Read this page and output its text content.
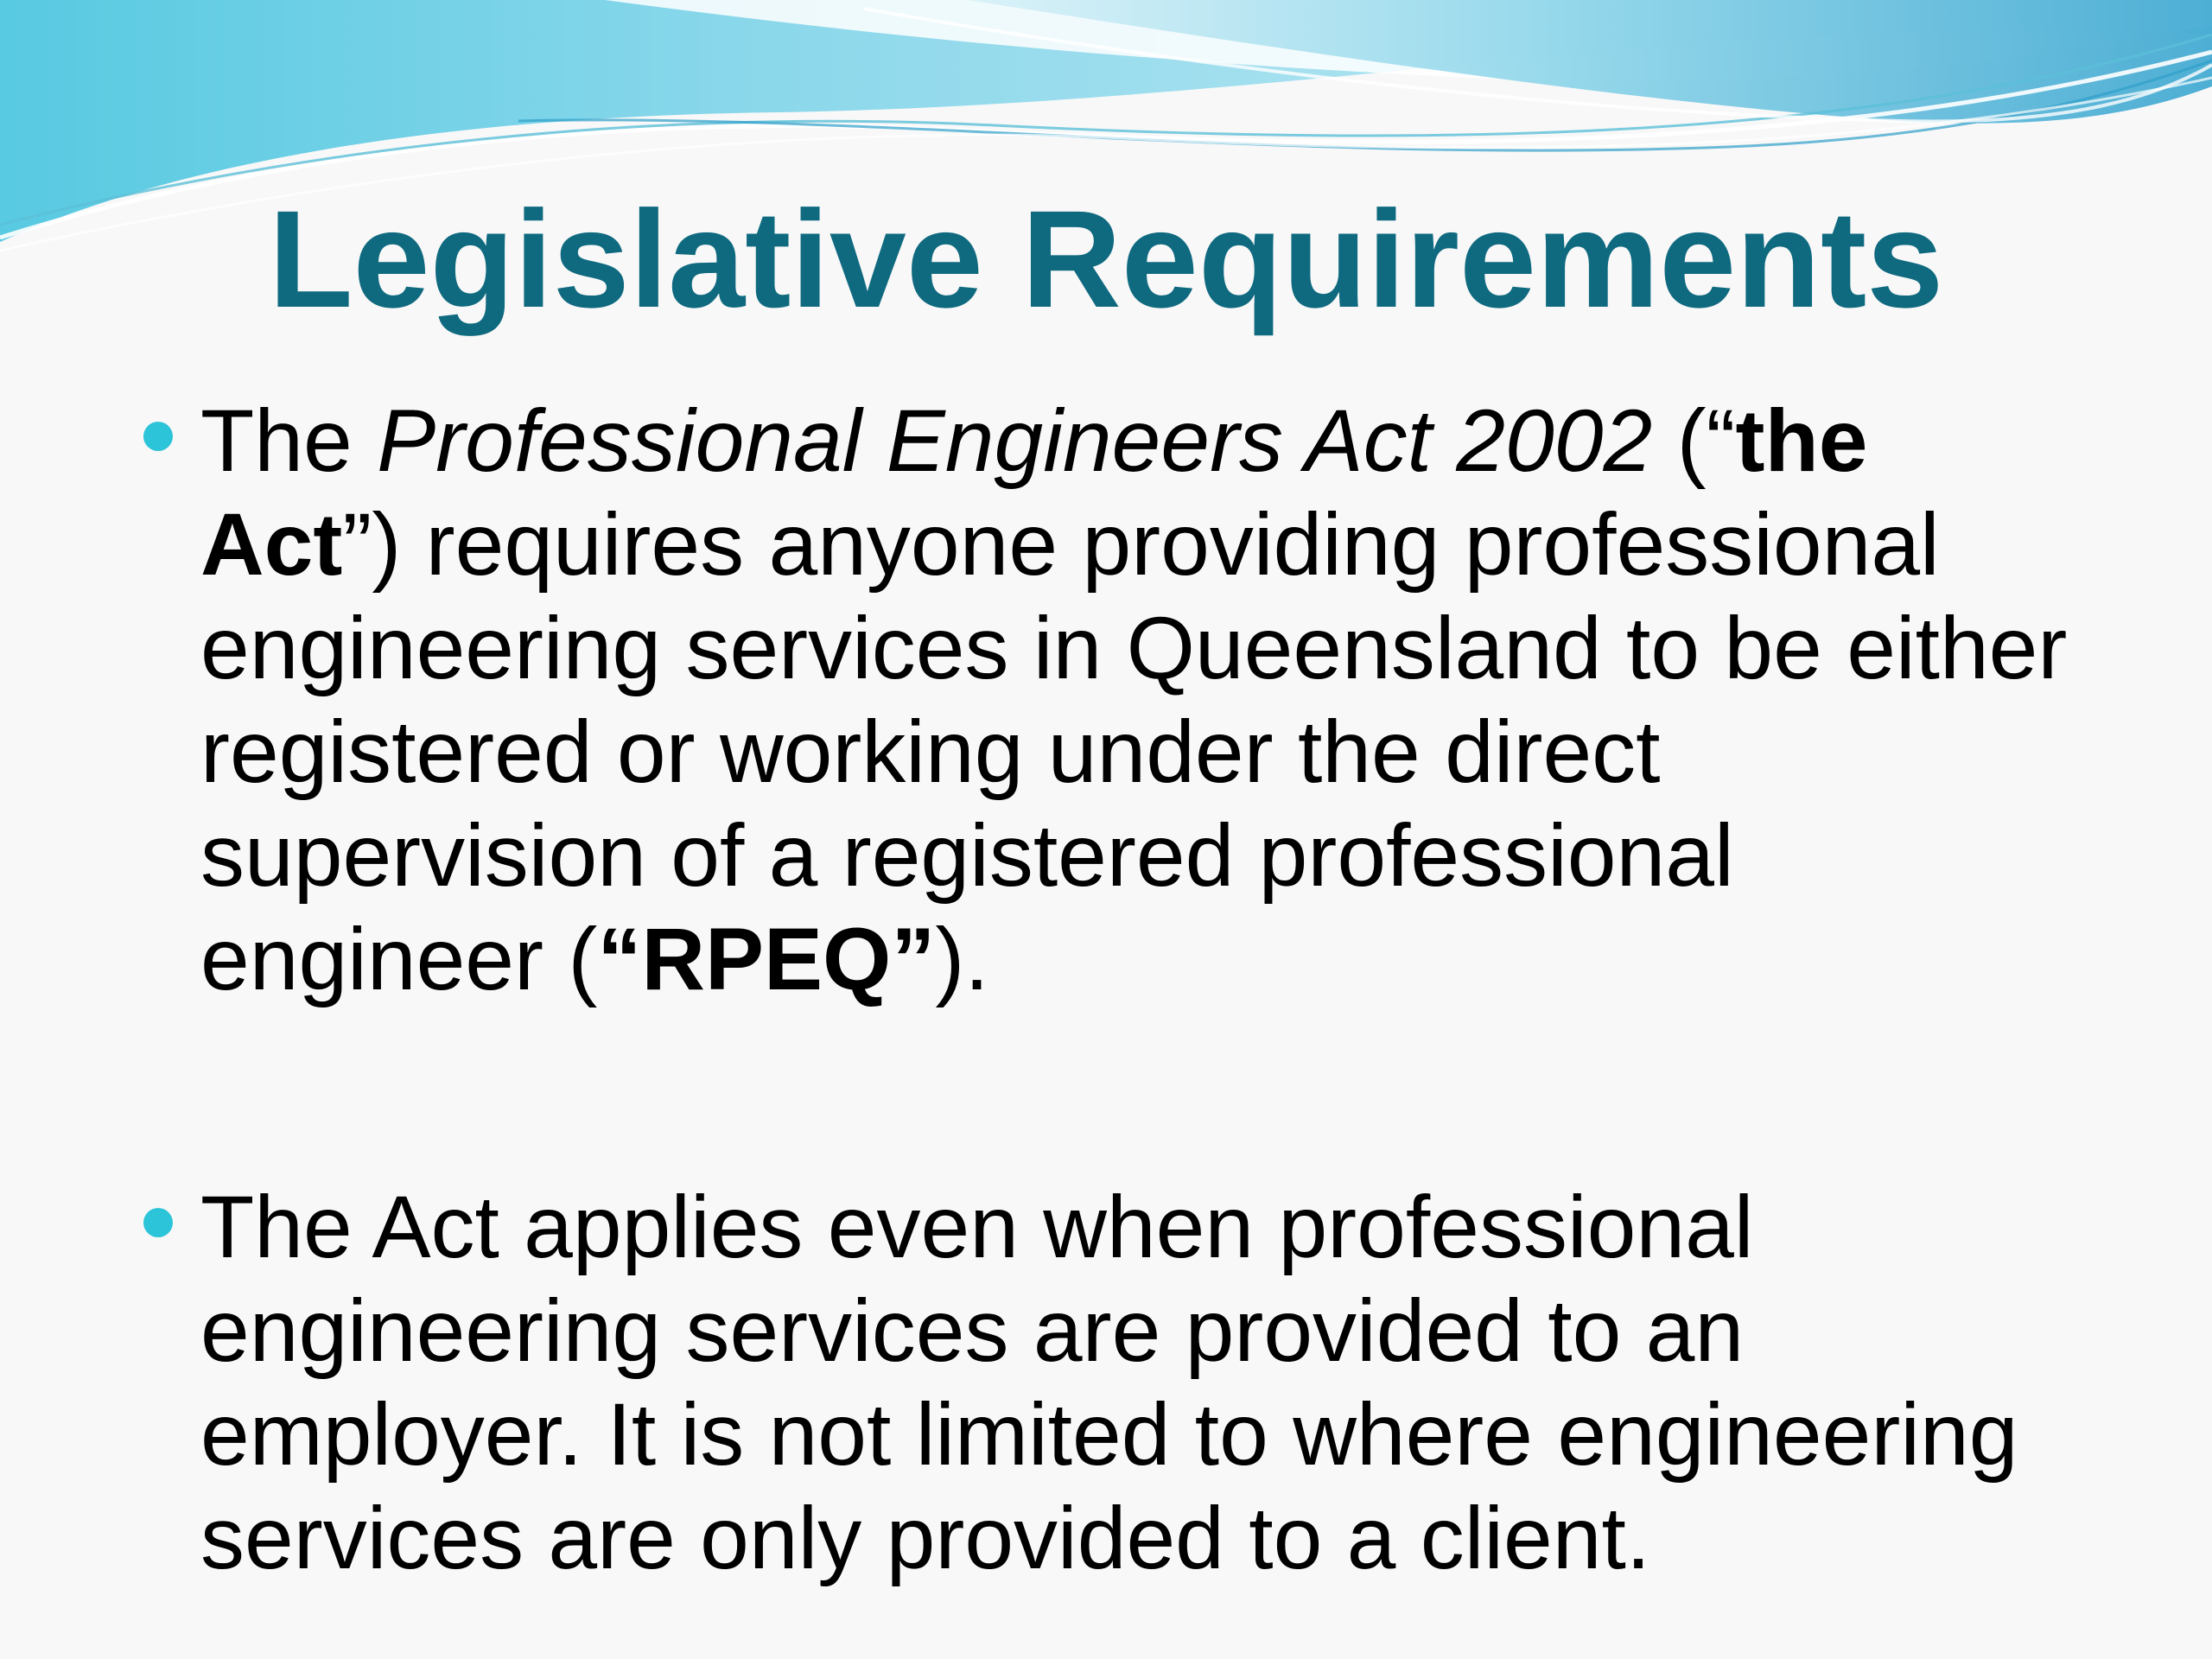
Legislative Requirements
The Professional Engineers Act 2002 (“the Act”) requires anyone providing professional engineering services in Queensland to be either registered or working under the direct supervision of a registered professional engineer (“RPEQ”).
The Act applies even when professional engineering services are provided to an employer. It is not limited to where engineering services are only provided to a client.
